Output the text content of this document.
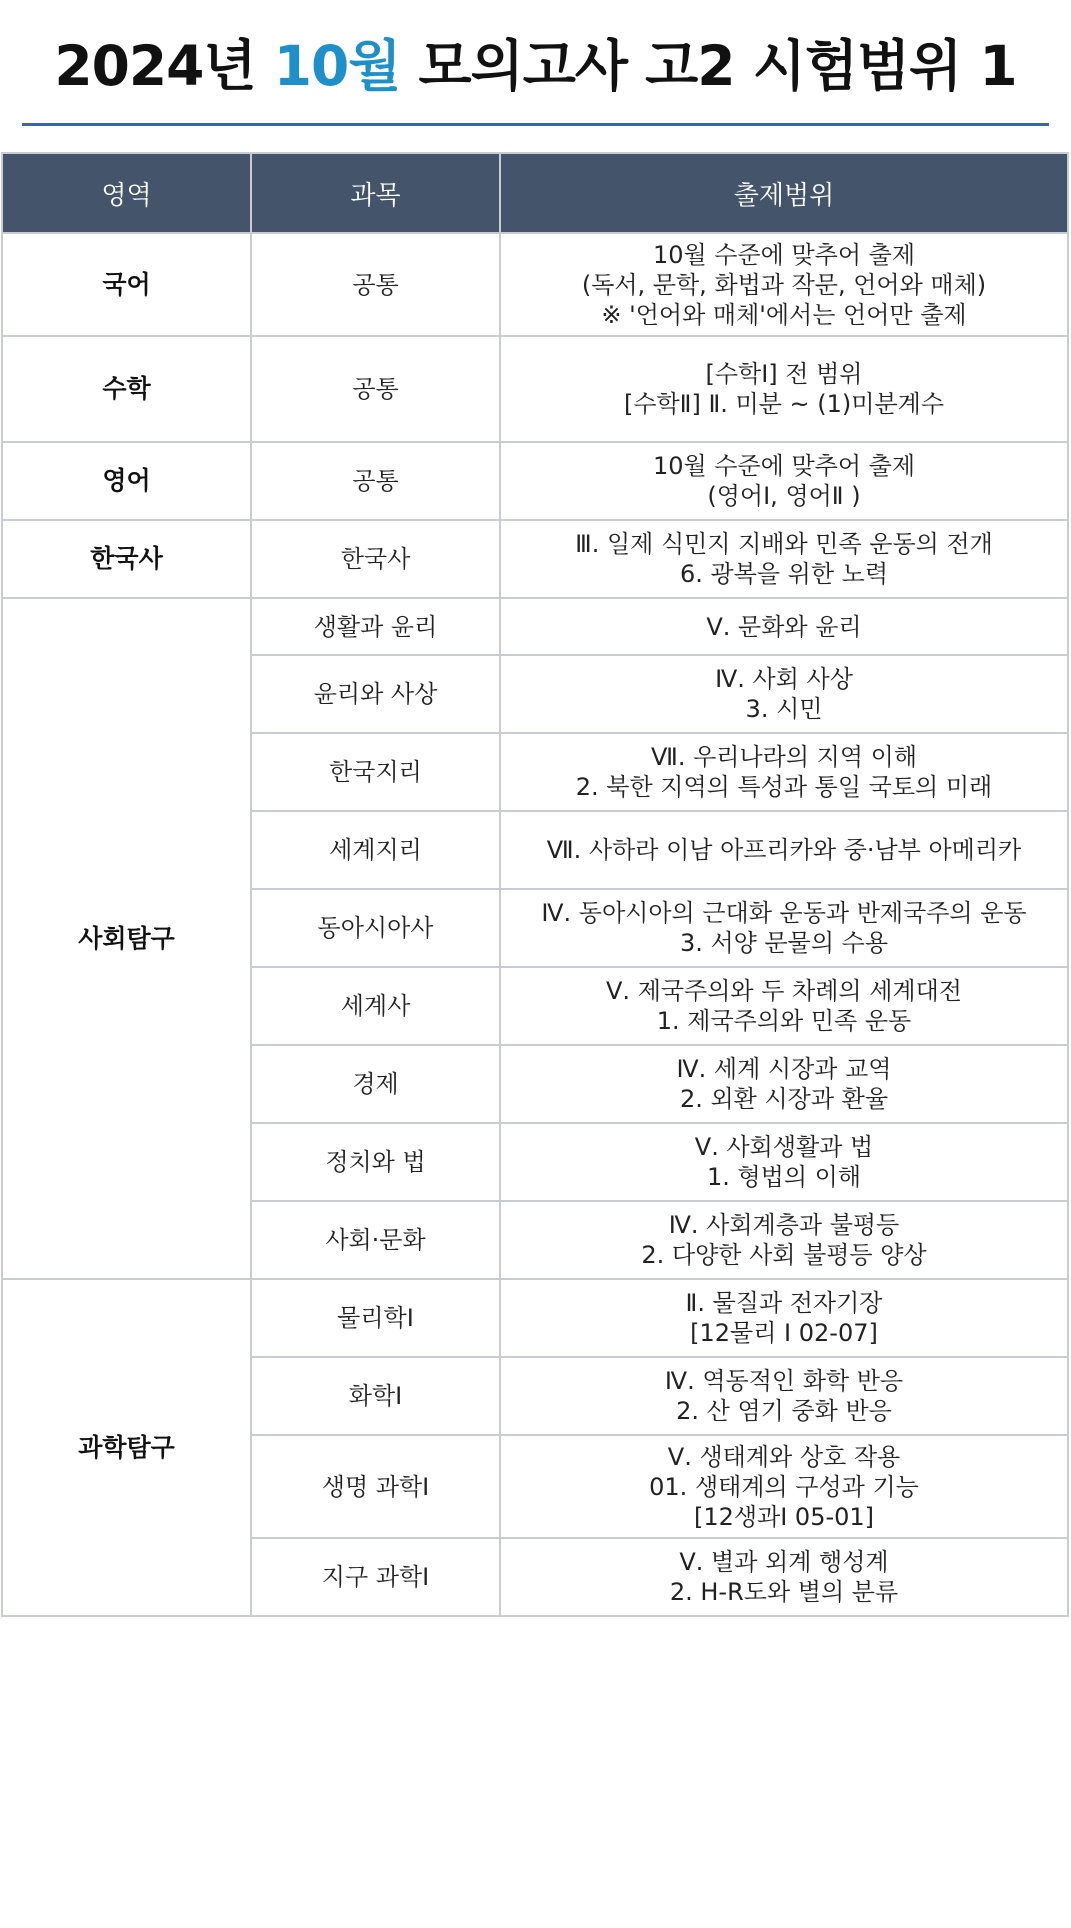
2024년 10월 모의고사 고2 시험범위 1
영역	과목	출제범위
국어	공통	10월 수준에 맞추어 출제
(독서, 문학, 화법과 작문, 언어와 매체)
※ '언어와 매체'에서는 언어만 출제

수학	공통	[수학Ⅰ] 전 범위
[수학Ⅱ] Ⅱ. 미분 ~ (1)미분계수

영어	공통	10월 수준에 맞추어 출제
(영어Ⅰ, 영어Ⅱ )

한국사	한국사	Ⅲ. 일제 식민지 지배와 민족 운동의 전개
6. 광복을 위한 노력

사회탐구	생활과 윤리	Ⅴ. 문화와 윤리

	윤리와 사상	Ⅳ. 사회 사상
3. 시민

	한국지리	Ⅶ. 우리나라의 지역 이해
2. 북한 지역의 특성과 통일 국토의 미래

	세계지리	Ⅶ. 사하라 이남 아프리카와 중·남부 아메리카

	동아시아사	Ⅳ. 동아시아의 근대화 운동과 반제국주의 운동
3. 서양 문물의 수용

	세계사	Ⅴ. 제국주의와 두 차례의 세계대전
1. 제국주의와 민족 운동

	경제	Ⅳ. 세계 시장과 교역
2. 외환 시장과 환율

	정치와 법	Ⅴ. 사회생활과 법
1. 형법의 이해

	사회·문화	Ⅳ. 사회계층과 불평등
2. 다양한 사회 불평등 양상

과학탐구	물리학Ⅰ	Ⅱ. 물질과 전자기장
[12물리 Ⅰ 02-07]

	화학Ⅰ	Ⅳ. 역동적인 화학 반응
2. 산 염기 중화 반응

	생명 과학Ⅰ	Ⅴ. 생태계와 상호 작용
01. 생태계의 구성과 기능
[12생과Ⅰ 05-01]

	지구 과학Ⅰ	Ⅴ. 별과 외계 행성계
2. H-R도와 별의 분류
